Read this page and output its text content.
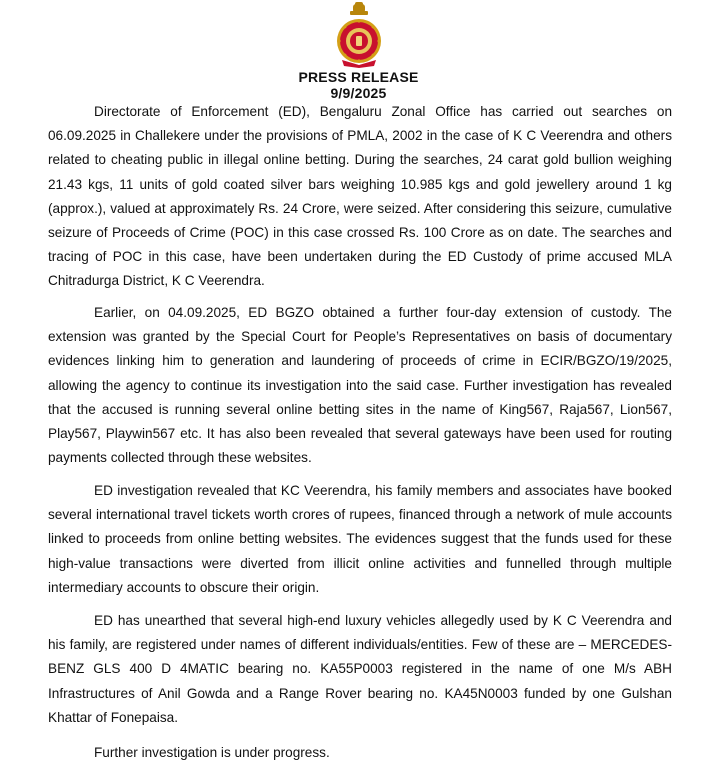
PRESS RELEASE
9/9/2025

Directorate of Enforcement (ED), Bengaluru Zonal Office has carried out searches on 06.09.2025 in Challekere under the provisions of PMLA, 2002 in the case of K C Veerendra and others related to cheating public in illegal online betting. During the searches, 24 carat gold bullion weighing 21.43 kgs, 11 units of gold coated silver bars weighing 10.985 kgs and gold jewellery around 1 kg (approx.), valued at approximately Rs. 24 Crore, were seized. After considering this seizure, cumulative seizure of Proceeds of Crime (POC) in this case crossed Rs. 100 Crore as on date. The searches and tracing of POC in this case, have been undertaken during the ED Custody of prime accused MLA Chitradurga District, K C Veerendra.

Earlier, on 04.09.2025, ED BGZO obtained a further four-day extension of custody. The extension was granted by the Special Court for People’s Representatives on basis of documentary evidences linking him to generation and laundering of proceeds of crime in ECIR/BGZO/19/2025, allowing the agency to continue its investigation into the said case. Further investigation has revealed that the accused is running several online betting sites in the name of King567, Raja567, Lion567, Play567, Playwin567 etc. It has also been revealed that several gateways have been used for routing payments collected through these websites.

ED investigation revealed that KC Veerendra, his family members and associates have booked several international travel tickets worth crores of rupees, financed through a network of mule accounts linked to proceeds from online betting websites. The evidences suggest that the funds used for these high-value transactions were diverted from illicit online activities and funnelled through multiple intermediary accounts to obscure their origin.

ED has unearthed that several high-end luxury vehicles allegedly used by K C Veerendra and his family, are registered under names of different individuals/entities. Few of these are – MERCEDES-BENZ GLS 400 D 4MATIC bearing no. KA55P0003 registered in the name of one M/s ABH Infrastructures of Anil Gowda and a Range Rover bearing no. KA45N0003 funded by one Gulshan Khattar of Fonepaisa.

Further investigation is under progress.
